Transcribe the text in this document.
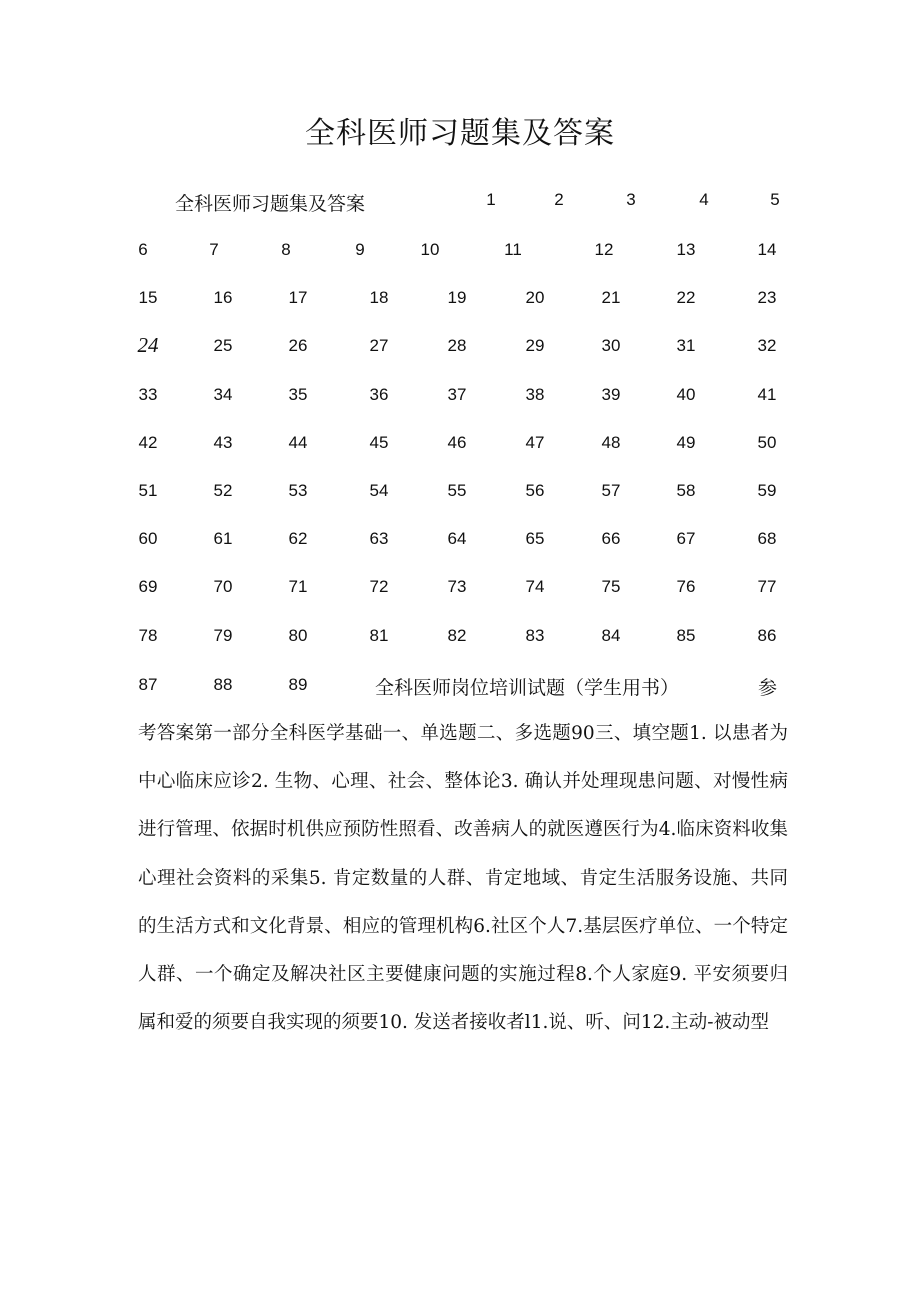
全科医师习题集及答案
全科医师习题集及答案	1	2	3	4	5
6	7	8	9	10	11	12	13	14
15	16	17	18	19	20	21	22	23
24	25	26	27	28	29	30	31	32
33	34	35	36	37	38	39	40	41
42	43	44	45	46	47	48	49	50
51	52	53	54	55	56	57	58	59
60	61	62	63	64	65	66	67	68
69	70	71	72	73	74	75	76	77
78	79	80	81	82	83	84	85	86
87	88	89	全科医师岗位培训试题（学生用书）	参
考答案第一部分全科医学基础一、单选题二、多选题90三、填空题1. 以患者为中心临床应诊2. 生物、心理、社会、整体论3. 确认并处理现患问题、对慢性病进行管理、依据时机供应预防性照看、改善病人的就医遵医行为4.临床资料收集心理社会资料的采集5. 肯定数量的人群、肯定地域、肯定生活服务设施、共同的生活方式和文化背景、相应的管理机构6.社区个人7.基层医疗单位、一个特定人群、一个确定及解决社区主要健康问题的实施过程8.个人家庭9. 平安须要归属和爱的须要自我实现的须要10. 发送者接收者l1.说、听、问12.主动-被动型
